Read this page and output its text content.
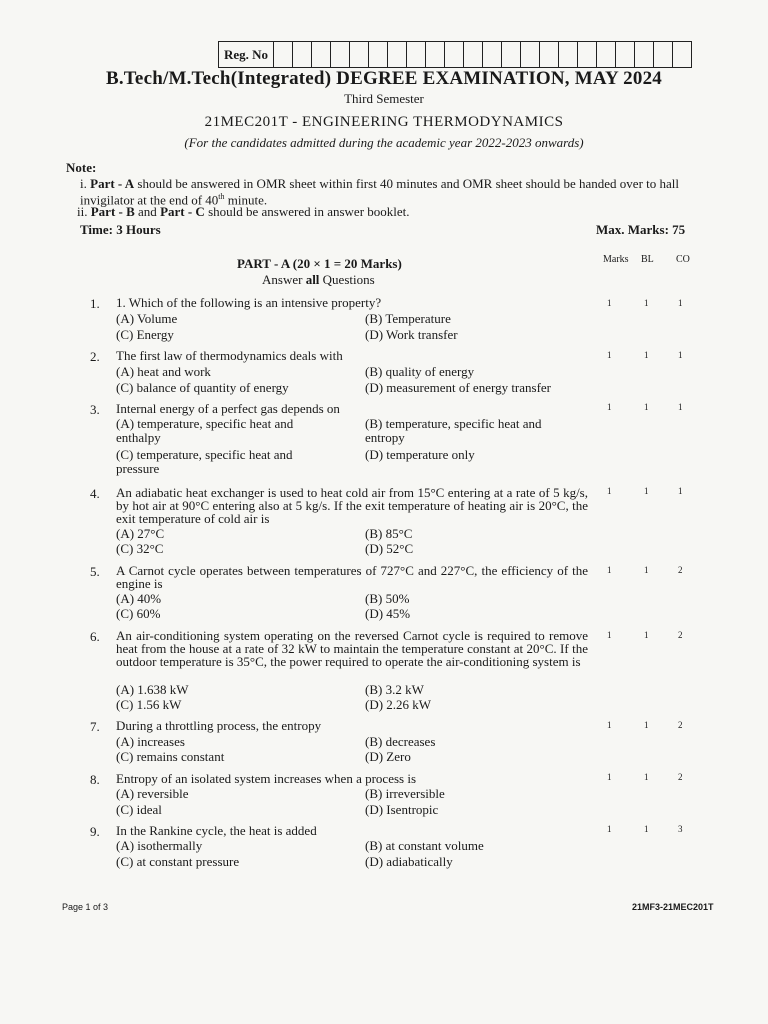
Reg. No
B.Tech/M.Tech(Integrated) DEGREE EXAMINATION, MAY 2024
Third Semester
21MEC201T - ENGINEERING THERMODYNAMICS
(For the candidates admitted during the academic year 2022-2023 onwards)
Note:
i. Part - A should be answered in OMR sheet within first 40 minutes and OMR sheet should be handed over to hall invigilator at the end of 40th minute.
ii. Part - B and Part - C should be answered in answer booklet.
Time: 3 Hours	Max. Marks: 75
PART - A (20 × 1 = 20 Marks)
Answer all Questions
Marks BL CO
1. 1. Which of the following is an intensive property?
(A) Volume	(B) Temperature
(C) Energy	(D) Work transfer
1	1	1
2. The first law of thermodynamics deals with
(A) heat and work	(B) quality of energy
(C) balance of quantity of energy	(D) measurement of energy transfer
1	1	1
3. Internal energy of a perfect gas depends on
(A) temperature, specific heat and enthalpy
(B) temperature, specific heat and entropy
(C) temperature, specific heat and pressure
(D) temperature only
1	1	1
4. An adiabatic heat exchanger is used to heat cold air from 15°C entering at a rate of 5 kg/s, by hot air at 90°C entering also at 5 kg/s. If the exit temperature of heating air is 20°C, the exit temperature of cold air is
(A) 27°C	(B) 85°C
(C) 32°C	(D) 52°C
1	1	1
5. A Carnot cycle operates between temperatures of 727°C and 227°C, the efficiency of the engine is
(A) 40%	(B) 50%
(C) 60%	(D) 45%
1	1	2
6. An air-conditioning system operating on the reversed Carnot cycle is required to remove heat from the house at a rate of 32 kW to maintain the temperature constant at 20°C. If the outdoor temperature is 35°C, the power required to operate the air-conditioning system is
(A) 1.638 kW	(B) 3.2 kW
(C) 1.56 kW	(D) 2.26 kW
1	1	2
7. During a throttling process, the entropy
(A) increases	(B) decreases
(C) remains constant	(D) Zero
1	1	2
8. Entropy of an isolated system increases when a process is
(A) reversible	(B) irreversible
(C) ideal	(D) Isentropic
1	1	2
9. In the Rankine cycle, the heat is added
(A) isothermally	(B) at constant volume
(C) at constant pressure	(D) adiabatically
1	1	3
Page 1 of 3	21MF3-21MEC201T
